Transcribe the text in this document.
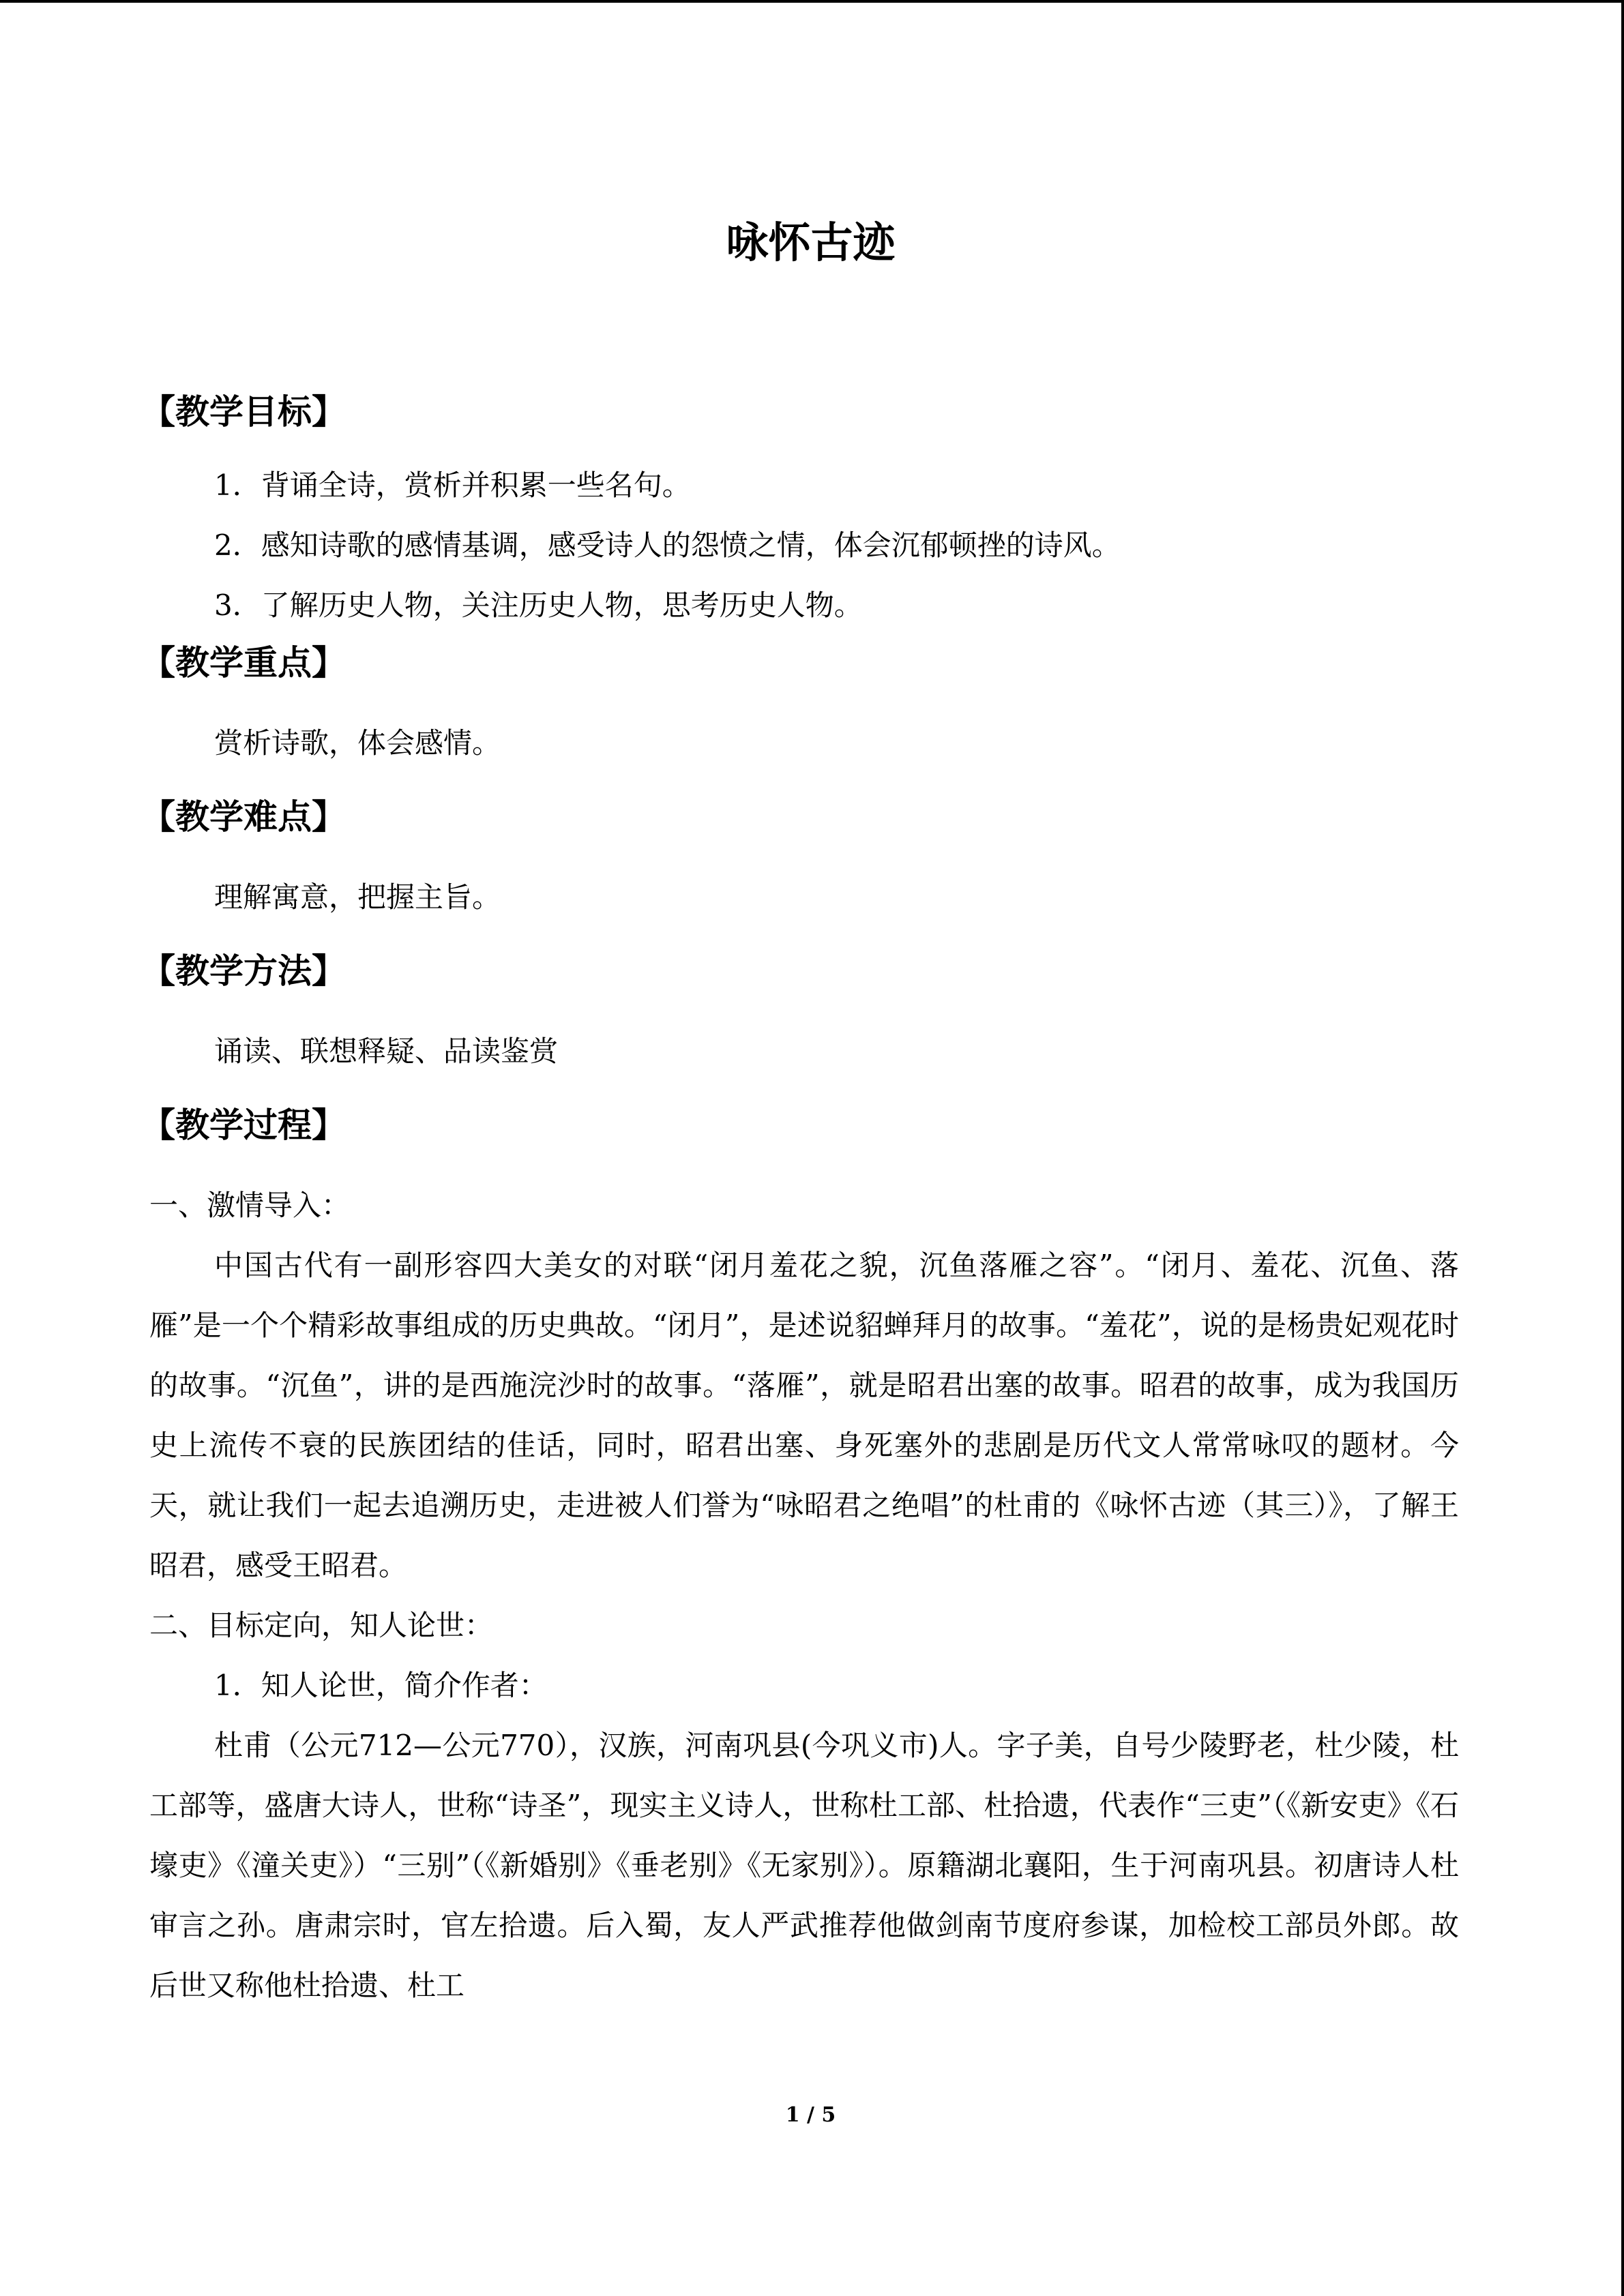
咏怀古迹
【教学目标】
1．背诵全诗，赏析并积累一些名句。
2．感知诗歌的感情基调，感受诗人的怨愤之情，体会沉郁顿挫的诗风。
3．了解历史人物，关注历史人物，思考历史人物。
【教学重点】
赏析诗歌，体会感情。
【教学难点】
理解寓意，把握主旨。
【教学方法】
诵读、联想释疑、品读鉴赏
【教学过程】
一、激情导入：

中国古代有一副形容四大美女的对联“闭月羞花之貌，沉鱼落雁之容”。“闭月、羞花、沉鱼、落雁”是一个个精彩故事组成的历史典故。“闭月”，是述说貂蝉拜月的故事。“羞花”，说的是杨贵妃观花时的故事。“沉鱼”，讲的是西施浣沙时的故事。“落雁”，就是昭君出塞的故事。昭君的故事，成为我国历史上流传不衰的民族团结的佳话，同时，昭君出塞、身死塞外的悲剧是历代文人常常咏叹的题材。今天，就让我们一起去追溯历史，走进被人们誉为“咏昭君之绝唱”的杜甫的《咏怀古迹（其三）》，了解王昭君，感受王昭君。

二、目标定向，知人论世：
1．知人论世，简介作者：

杜甫（公元712—公元770），汉族，河南巩县(今巩义市)人。字子美，自号少陵野老，杜少陵，杜工部等，盛唐大诗人，世称“诗圣”，现实主义诗人，世称杜工部、杜拾遗，代表作“三吏”（《新安吏》《石壕吏》《潼关吏》）“三别”（《新婚别》《垂老别》《无家别》）。原籍湖北襄阳，生于河南巩县。初唐诗人杜审言之孙。唐肃宗时，官左拾遗。后入蜀，友人严武推荐他做剑南节度府参谋，加检校工部员外郎。故后世又称他杜拾遗、杜工

1 / 5
